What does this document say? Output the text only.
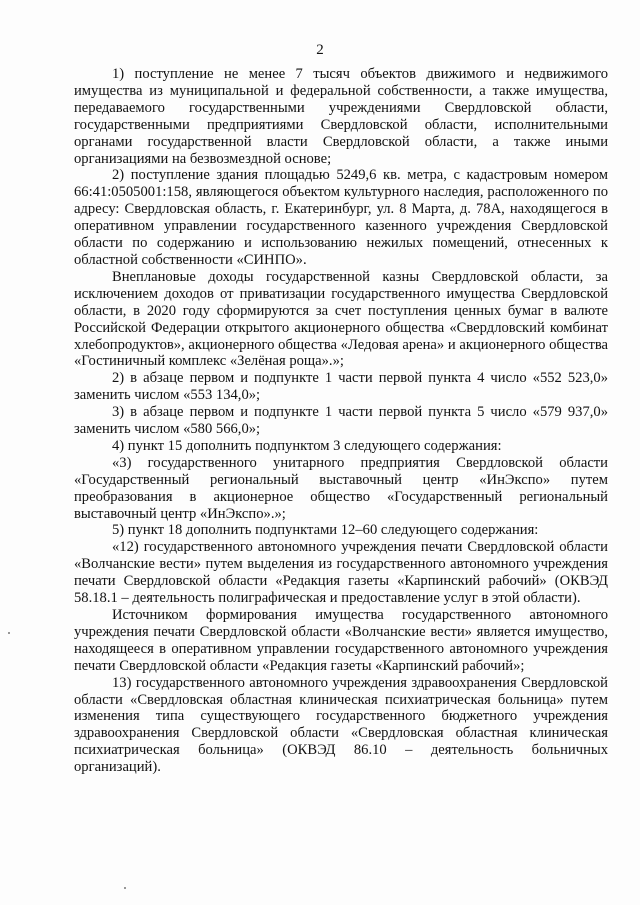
2

1) поступление не менее 7 тысяч объектов движимого и недвижимого имущества из муниципальной и федеральной собственности, а также имущества, передаваемого государственными учреждениями Свердловской области, государственными предприятиями Свердловской области, исполнительными органами государственной власти Свердловской области, а также иными организациями на безвозмездной основе;

2) поступление здания площадью 5249,6 кв. метра, с кадастровым номером 66:41:0505001:158, являющегося объектом культурного наследия, расположенного по адресу: Свердловская область, г. Екатеринбург, ул. 8 Марта, д. 78А, находящегося в оперативном управлении государственного казенного учреждения Свердловской области по содержанию и использованию нежилых помещений, отнесенных к областной собственности «СИНПО».

Внеплановые доходы государственной казны Свердловской области, за исключением доходов от приватизации государственного имущества Свердловской области, в 2020 году сформируются за счет поступления ценных бумаг в валюте Российской Федерации открытого акционерного общества «Свердловский комбинат хлебопродуктов», акционерного общества «Ледовая арена» и акционерного общества «Гостиничный комплекс «Зелёная роща».»;

2) в абзаце первом и подпункте 1 части первой пункта 4 число «552 523,0» заменить числом «553 134,0»;

3) в абзаце первом и подпункте 1 части первой пункта 5 число «579 937,0» заменить числом «580 566,0»;

4) пункт 15 дополнить подпунктом 3 следующего содержания:

«3) государственного унитарного предприятия Свердловской области «Государственный региональный выставочный центр «ИнЭкспо» путем преобразования в акционерное общество «Государственный региональный выставочный центр «ИнЭкспо».»;

5) пункт 18 дополнить подпунктами 12–60 следующего содержания:

«12) государственного автономного учреждения печати Свердловской области «Волчанские вести» путем выделения из государственного автономного учреждения печати Свердловской области «Редакция газеты «Карпинский рабочий» (ОКВЭД 58.18.1 – деятельность полиграфическая и предоставление услуг в этой области).

Источником формирования имущества государственного автономного учреждения печати Свердловской области «Волчанские вести» является имущество, находящееся в оперативном управлении государственного автономного учреждения печати Свердловской области «Редакция газеты «Карпинский рабочий»;

13) государственного автономного учреждения здравоохранения Свердловской области «Свердловская областная клиническая психиатрическая больница» путем изменения типа существующего государственного бюджетного учреждения здравоохранения Свердловской области «Свердловская областная клиническая психиатрическая больница» (ОКВЭД 86.10 – деятельность больничных организаций).
